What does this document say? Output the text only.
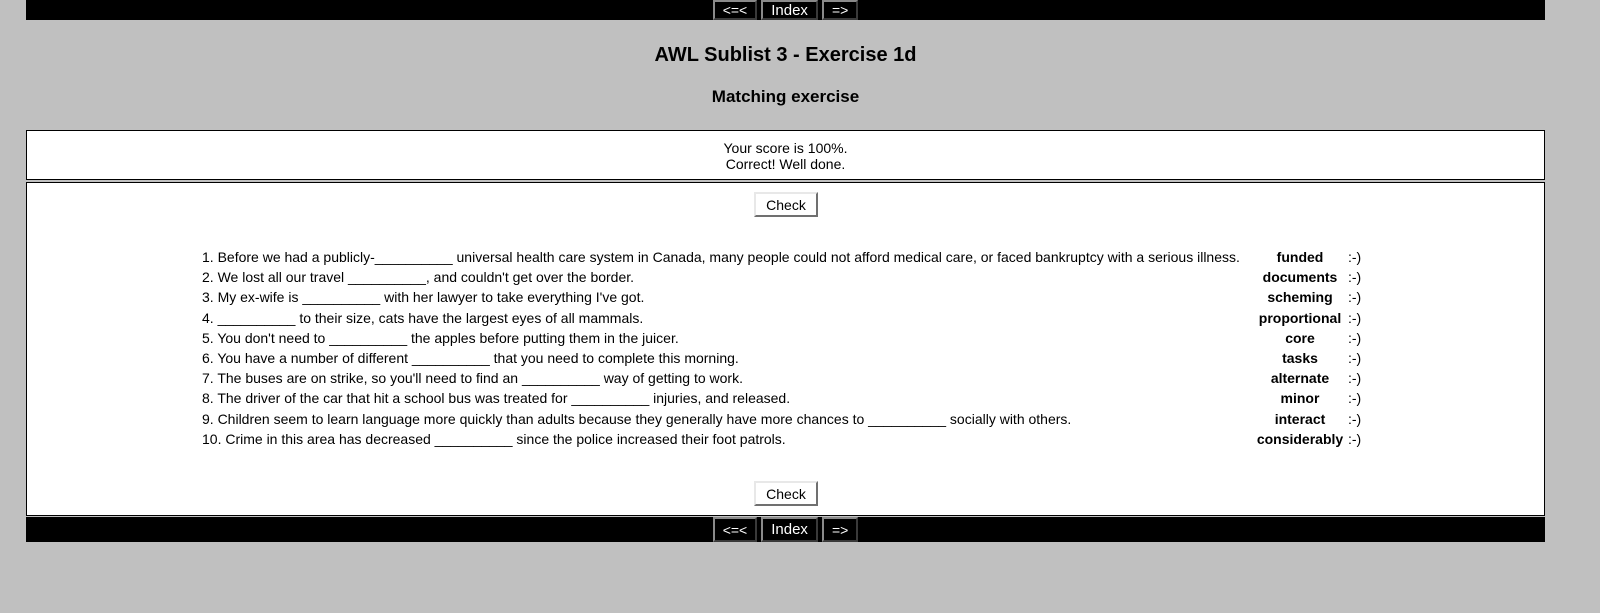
<=<	Index	=>
AWL Sublist 3 - Exercise 1d
Matching exercise
Your score is 100%.
Correct! Well done.
Check
1. Before we had a publicly-__________ universal health care system in Canada, many people could not afford medical care, or faced bankruptcy with a serious illness.	funded	:-)
2. We lost all our travel __________, and couldn't get over the border.	documents	:-)
3. My ex-wife is __________ with her lawyer to take everything I've got.	scheming	:-)
4. __________ to their size, cats have the largest eyes of all mammals.	proportional	:-)
5. You don't need to __________ the apples before putting them in the juicer.	core	:-)
6. You have a number of different __________ that you need to complete this morning.	tasks	:-)
7. The buses are on strike, so you'll need to find an __________ way of getting to work.	alternate	:-)
8. The driver of the car that hit a school bus was treated for __________ injuries, and released.	minor	:-)
9. Children seem to learn language more quickly than adults because they generally have more chances to __________ socially with others.	interact	:-)
10. Crime in this area has decreased __________ since the police increased their foot patrols.	considerably	:-)
Check
<=<	Index	=>
